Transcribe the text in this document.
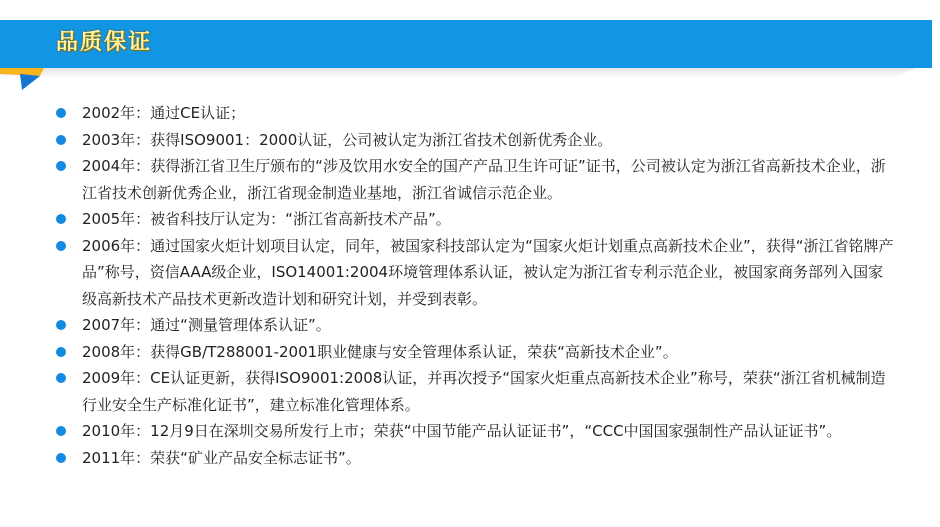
品质保证
2002年：通过CE认证；
2003年：获得ISO9001：2000认证，公司被认定为浙江省技术创新优秀企业。
2004年：获得浙江省卫生厅颁布的“涉及饮用水安全的国产产品卫生许可证”证书，公司被认定为浙江省高新技术企业，浙江省技术创新优秀企业，浙江省现金制造业基地，浙江省诚信示范企业。
2005年：被省科技厅认定为：“浙江省高新技术产品”。
2006年：通过国家火炬计划项目认定，同年，被国家科技部认定为“国家火炬计划重点高新技术企业”，获得“浙江省铭牌产品”称号，资信AAA级企业，ISO14001:2004环境管理体系认证，被认定为浙江省专利示范企业，被国家商务部列入国家级高新技术产品技术更新改造计划和研究计划，并受到表彰。
2007年：通过“测量管理体系认证”。
2008年：获得GB/T288001-2001职业健康与安全管理体系认证，荣获“高新技术企业”。
2009年：CE认证更新，获得ISO9001:2008认证，并再次授予“国家火炬重点高新技术企业”称号，荣获“浙江省机械制造行业安全生产标准化证书”，建立标准化管理体系。
2010年：12月9日在深圳交易所发行上市；荣获“中国节能产品认证证书”，“CCC中国国家强制性产品认证证书”。
2011年：荣获“矿业产品安全标志证书”。
